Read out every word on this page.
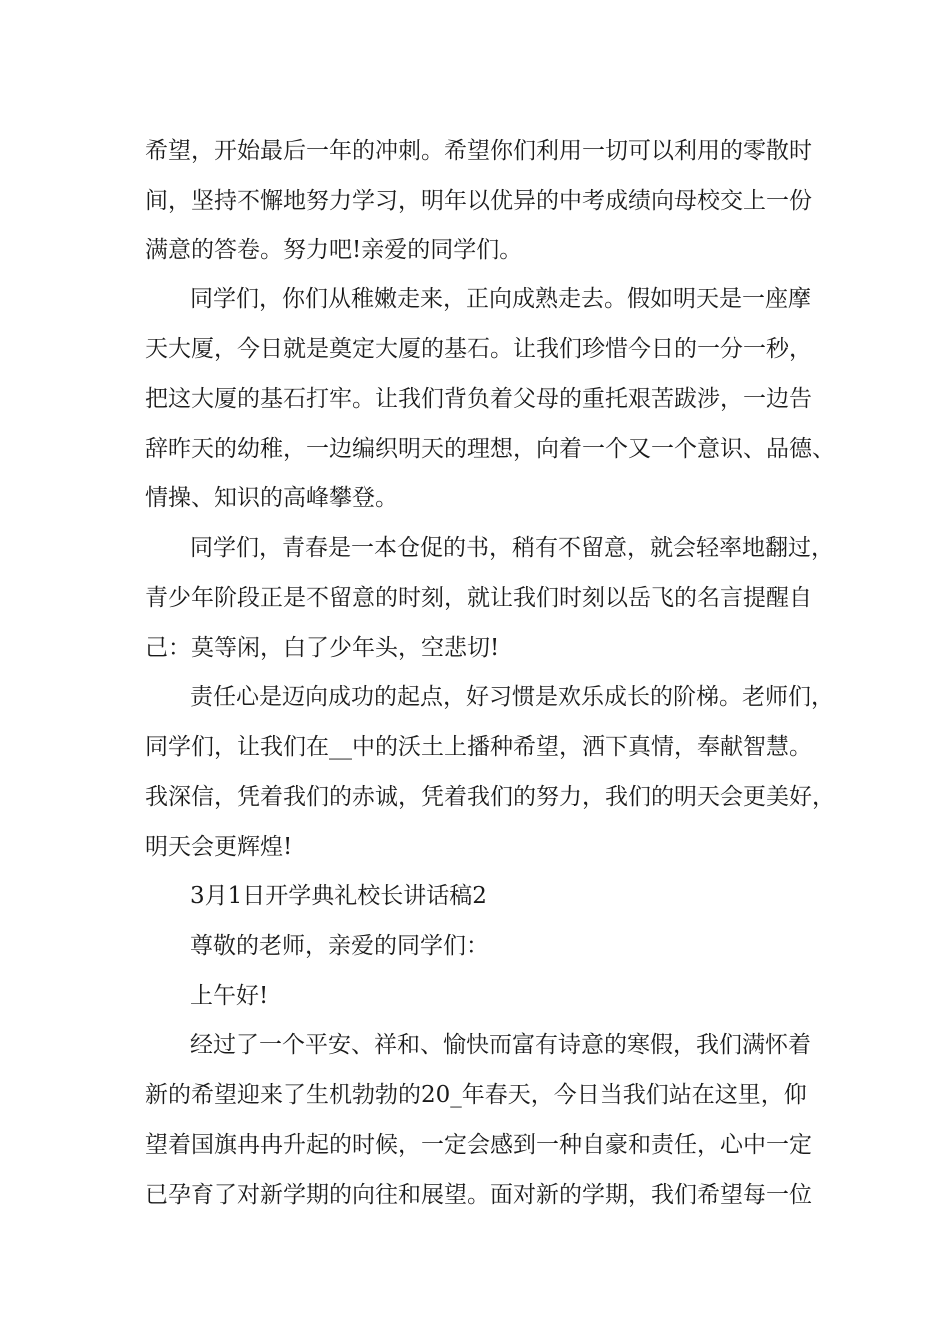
希望，开始最后一年的冲刺。希望你们利用一切可以利用的零散时
间，坚持不懈地努力学习，明年以优异的中考成绩向母校交上一份
满意的答卷。努力吧!亲爱的同学们。
同学们，你们从稚嫩走来，正向成熟走去。假如明天是一座摩
天大厦，今日就是奠定大厦的基石。让我们珍惜今日的一分一秒，
把这大厦的基石打牢。让我们背负着父母的重托艰苦跋涉，一边告
辞昨天的幼稚，一边编织明天的理想，向着一个又一个意识、品德、
情操、知识的高峰攀登。
同学们，青春是一本仓促的书，稍有不留意，就会轻率地翻过，
青少年阶段正是不留意的时刻，就让我们时刻以岳飞的名言提醒自
己：莫等闲，白了少年头，空悲切!
责任心是迈向成功的起点，好习惯是欢乐成长的阶梯。老师们，
同学们，让我们在__中的沃土上播种希望，洒下真情，奉献智慧。
我深信，凭着我们的赤诚，凭着我们的努力，我们的明天会更美好，
明天会更辉煌!
3月1日开学典礼校长讲话稿2
尊敬的老师，亲爱的同学们：
上午好!
经过了一个平安、祥和、愉快而富有诗意的寒假，我们满怀着
新的希望迎来了生机勃勃的20_年春天，今日当我们站在这里，仰
望着国旗冉冉升起的时候，一定会感到一种自豪和责任，心中一定
已孕育了对新学期的向往和展望。面对新的学期，我们希望每一位
